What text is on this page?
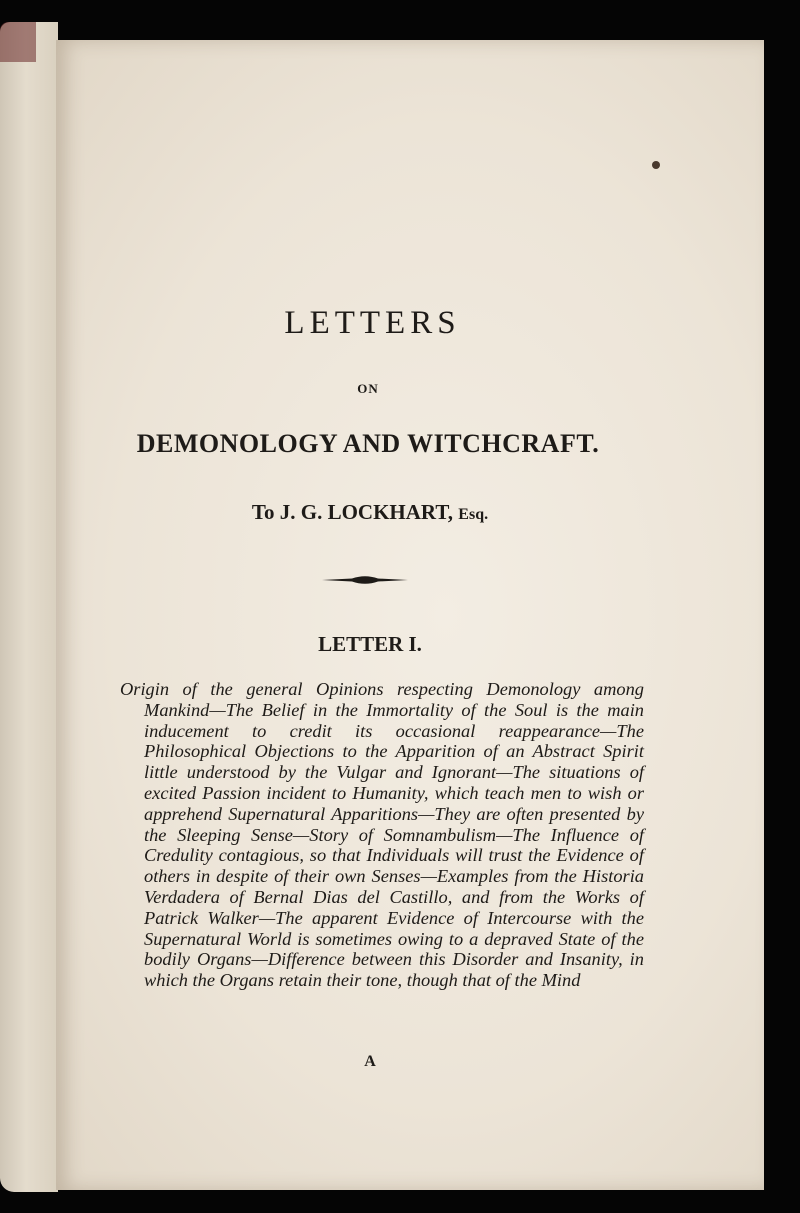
LETTERS
ON
DEMONOLOGY AND WITCHCRAFT.
To J. G. LOCKHART, Esq.
LETTER I.

Origin of the general Opinions respecting Demonology among Mankind—The Belief in the Immortality of the Soul is the main inducement to credit its occasional reappearance—The Philosophical Objections to the Apparition of an Abstract Spirit little understood by the Vulgar and Ignorant—The situations of excited Passion incident to Humanity, which teach men to wish or apprehend Supernatural Apparitions—They are often presented by the Sleeping Sense—Story of Somnambulism—The Influence of Credulity contagious, so that Individuals will trust the Evidence of others in despite of their own Senses—Examples from the Historia Verdadera of Bernal Dias del Castillo, and from the Works of Patrick Walker—The apparent Evidence of Intercourse with the Supernatural World is sometimes owing to a depraved State of the bodily Organs—Difference between this Disorder and Insanity, in which the Organs retain their tone, though that of the Mind

A
